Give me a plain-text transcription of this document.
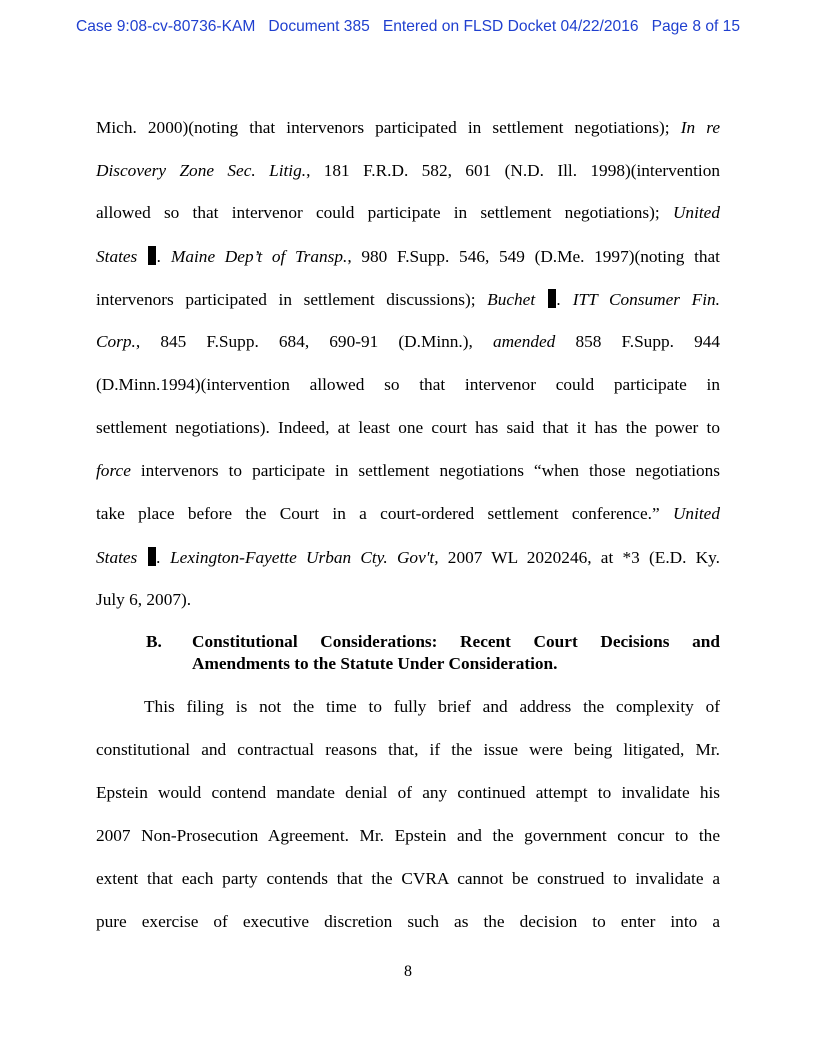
Case 9:08-cv-80736-KAM Document 385 Entered on FLSD Docket 04/22/2016 Page 8 of 15
Mich. 2000)(noting that intervenors participated in settlement negotiations); In re
Discovery Zone Sec. Litig., 181 F.R.D. 582, 601 (N.D. Ill. 1998)(intervention
allowed so that intervenor could participate in settlement negotiations); United
States . Maine Dep’t of Transp., 980 F.Supp. 546, 549 (D.Me. 1997)(noting that
intervenors participated in settlement discussions); Buchet . ITT Consumer Fin.
Corp., 845 F.Supp. 684, 690-91 (D.Minn.), amended 858 F.Supp. 944
(D.Minn.1994)(intervention allowed so that intervenor could participate in
settlement negotiations). Indeed, at least one court has said that it has the power to
force intervenors to participate in settlement negotiations “when those negotiations
take place before the Court in a court-ordered settlement conference.” United
States . Lexington-Fayette Urban Cty. Gov't, 2007 WL 2020246, at *3 (E.D. Ky.
July 6, 2007).
B. Constitutional Considerations: Recent Court Decisions and
Amendments to the Statute Under Consideration.
This filing is not the time to fully brief and address the complexity of
constitutional and contractual reasons that, if the issue were being litigated, Mr.
Epstein would contend mandate denial of any continued attempt to invalidate his
2007 Non-Prosecution Agreement. Mr. Epstein and the government concur to the
extent that each party contends that the CVRA cannot be construed to invalidate a
pure exercise of executive discretion such as the decision to enter into a
8
